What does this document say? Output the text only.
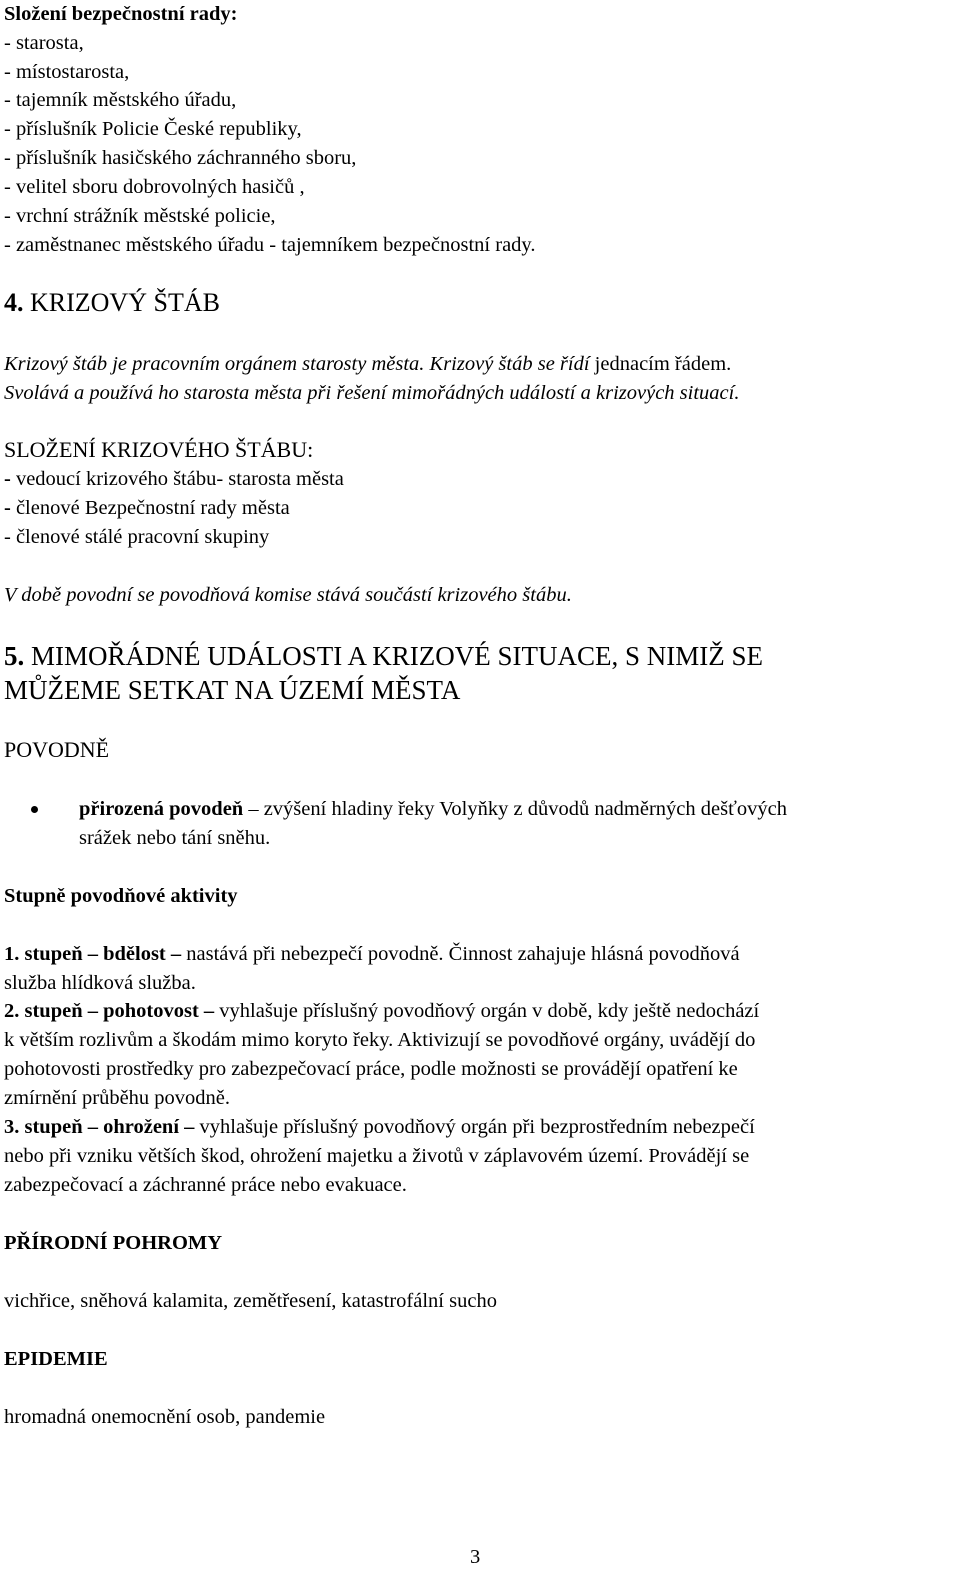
Složení bezpečnostní rady:
- starosta,
- místostarosta,
- tajemník městského úřadu,
- příslušník Policie České republiky,
- příslušník hasičského záchranného sboru,
- velitel sboru dobrovolných hasičů ,
- vrchní strážník městské policie,
- zaměstnanec městského úřadu - tajemníkem bezpečnostní rady.
4. KRIZOVÝ ŠTÁB
Krizový štáb je pracovním orgánem starosty města. Krizový štáb se řídí jednacím řádem.
Svolává a používá ho starosta města při řešení mimořádných událostí a krizových situací.
SLOŽENÍ KRIZOVÉHO ŠTÁBU:
- vedoucí krizového štábu- starosta města
- členové Bezpečnostní rady města
- členové stálé pracovní skupiny
V době povodní se povodňová komise stává součástí krizového štábu.
5. MIMOŘÁDNÉ UDÁLOSTI A KRIZOVÉ SITUACE, S NIMIŽ SE
MŮŽEME SETKAT NA ÚZEMÍ MĚSTA
POVODNĚ
přirozená povodeň – zvýšení hladiny řeky Volyňky z důvodů nadměrných dešťových
srážek nebo tání sněhu.
Stupně povodňové aktivity
1. stupeň – bdělost – nastává při nebezpečí povodně. Činnost zahajuje hlásná povodňová
služba hlídková služba.
2. stupeň – pohotovost – vyhlašuje příslušný povodňový orgán v době, kdy ještě nedochází
k větším rozlivům a škodám mimo koryto řeky. Aktivizují se povodňové orgány, uvádějí do
pohotovosti prostředky pro zabezpečovací práce, podle možnosti se provádějí opatření ke
zmírnění průběhu povodně.
3. stupeň – ohrožení – vyhlašuje příslušný povodňový orgán při bezprostředním nebezpečí
nebo při vzniku větších škod, ohrožení majetku a životů v záplavovém území. Provádějí se
zabezpečovací a záchranné práce nebo evakuace.
PŘÍRODNÍ POHROMY
vichřice, sněhová kalamita, zemětřesení, katastrofální sucho
EPIDEMIE
hromadná onemocnění osob, pandemie
3
